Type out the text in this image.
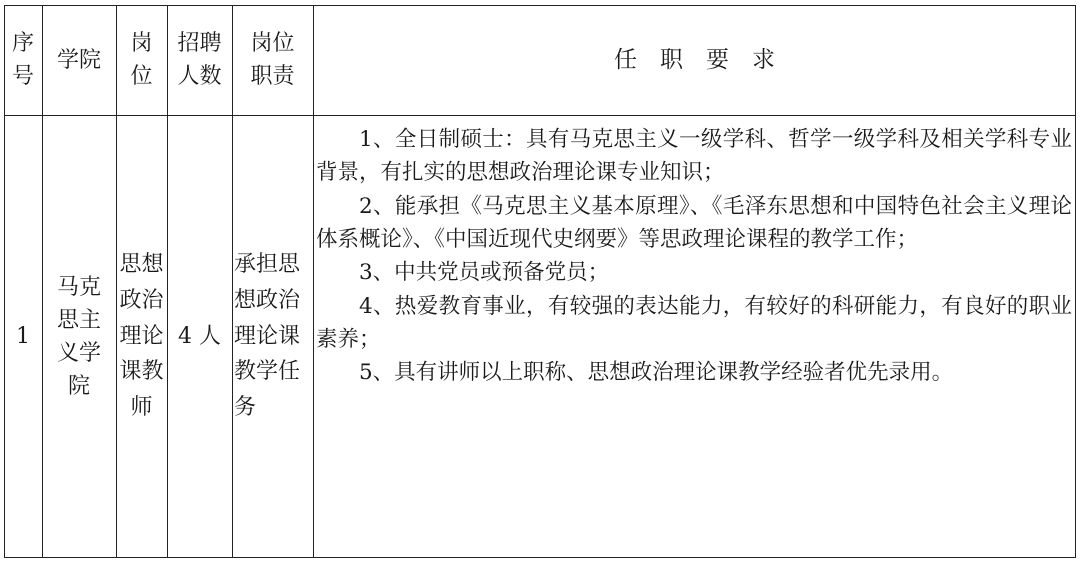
序
号
学院
岗
位
招聘
人数
岗位
职责
任　职　要　求
1
马克
思主
义学
院
思想
政治
理论
课教
师
4 人
承担思
想政治
理论课
教学任
务

1、全日制硕士：具有马克思主义一级学科、哲学一级学科及相关学科专业背景，有扎实的思想政治理论课专业知识；

2、能承担《马克思主义基本原理》、《毛泽东思想和中国特色社会主义理论体系概论》、《中国近现代史纲要》等思政理论课程的教学工作；

3、中共党员或预备党员；

4、热爱教育事业，有较强的表达能力，有较好的科研能力，有良好的职业素养；

5、具有讲师以上职称、思想政治理论课教学经验者优先录用。
